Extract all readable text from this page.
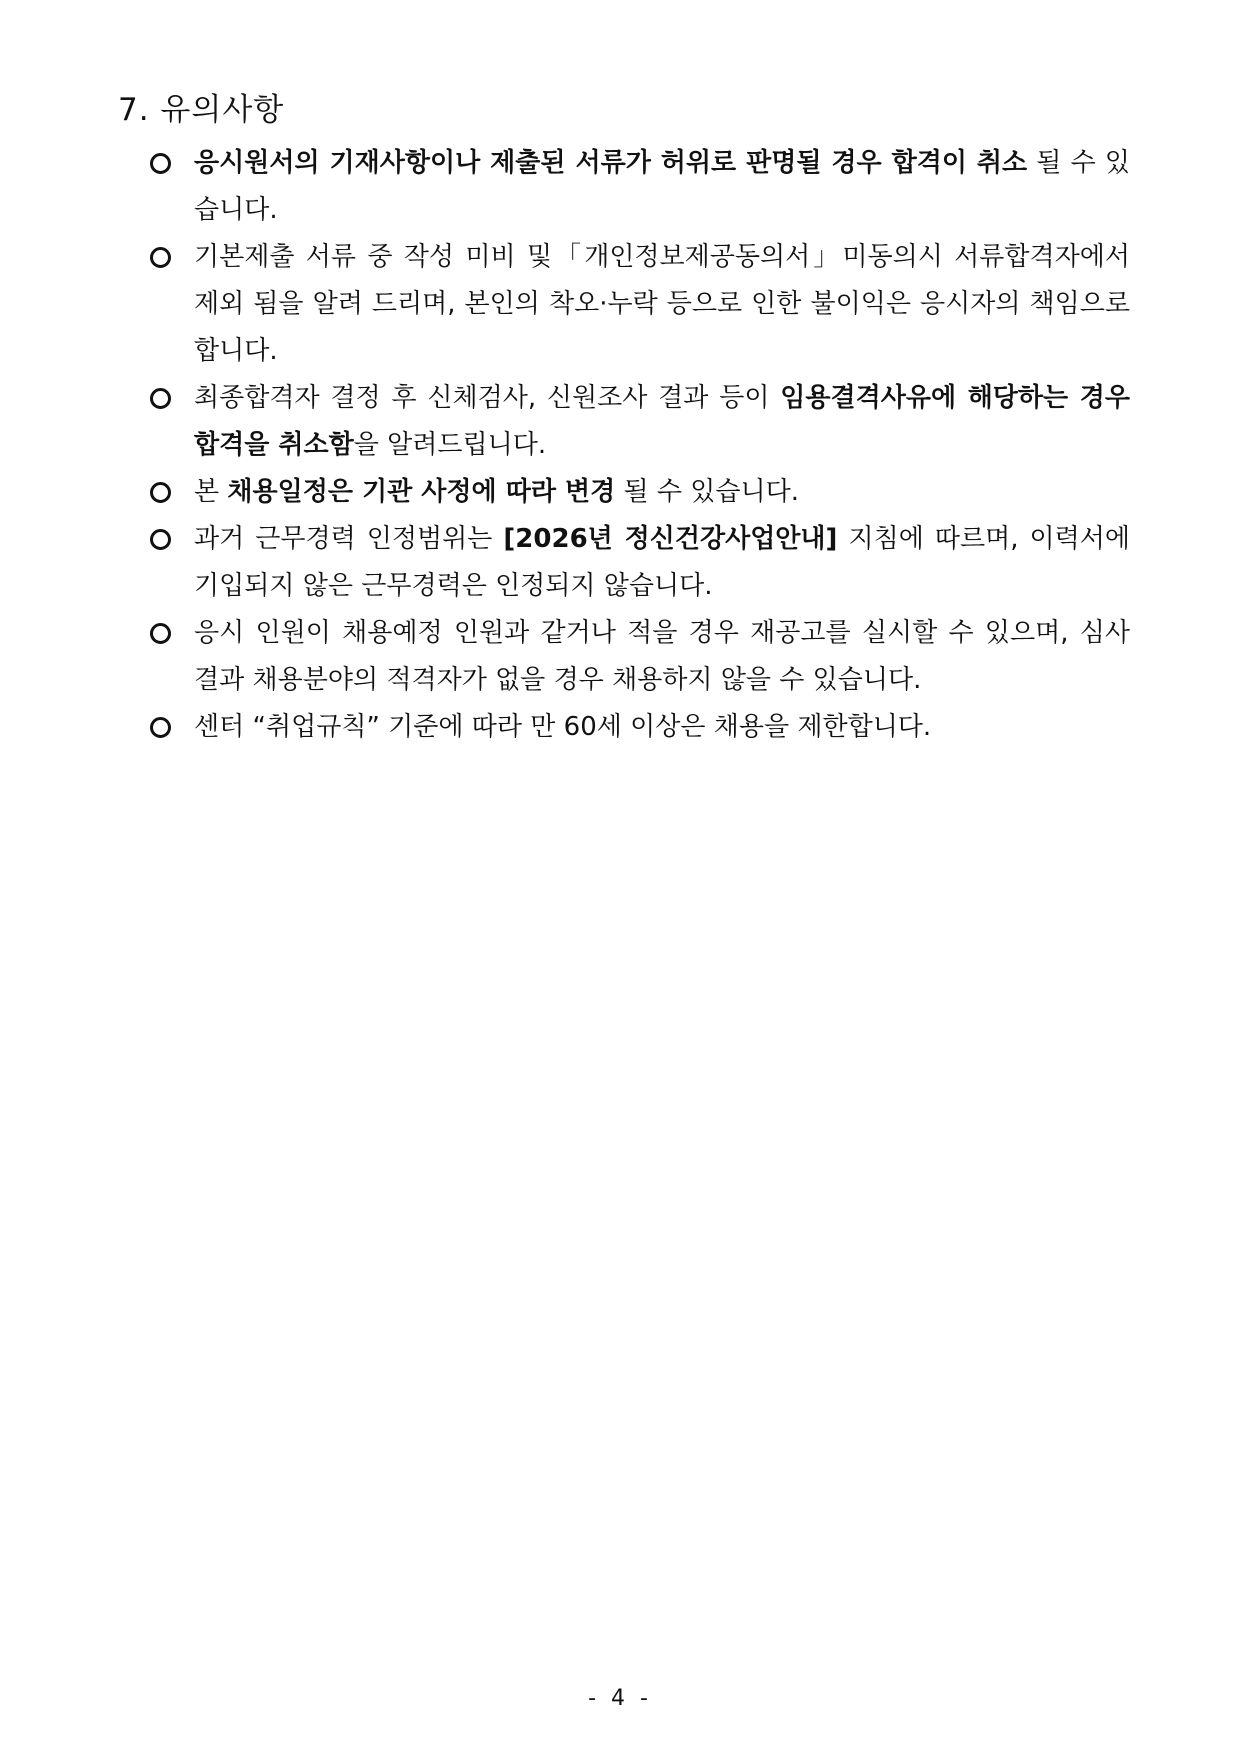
7. 유의사항
응시원서의 기재사항이나 제출된 서류가 허위로 판명될 경우 합격이 취소 될 수 있습니다.
기본제출 서류 중 작성 미비 및「개인정보제공동의서」미동의시 서류합격자에서 제외 됨을 알려 드리며, 본인의 착오·누락 등으로 인한 불이익은 응시자의 책임으로 합니다.
최종합격자 결정 후 신체검사, 신원조사 결과 등이 임용결격사유에 해당하는 경우 합격을 취소함을 알려드립니다.
본 채용일정은 기관 사정에 따라 변경 될 수 있습니다.
과거 근무경력 인정범위는 [2026년 정신건강사업안내] 지침에 따르며, 이력서에 기입되지 않은 근무경력은 인정되지 않습니다.
응시 인원이 채용예정 인원과 같거나 적을 경우 재공고를 실시할 수 있으며, 심사 결과 채용분야의 적격자가 없을 경우 채용하지 않을 수 있습니다.
센터 “취업규칙” 기준에 따라 만 60세 이상은 채용을 제한합니다.
- 4 -
